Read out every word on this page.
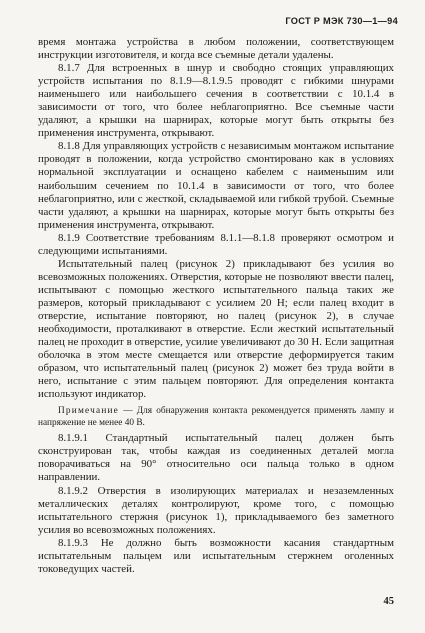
ГОСТ Р МЭК 730—1—94

время монтажа устройства в любом положении, соответствующем инструкции изготовителя, и когда все съемные детали удалены.

8.1.7 Для встроенных в шнур и свободно стоящих управляющих устройств испытания по 8.1.9—8.1.9.5 проводят с гибкими шнурами наименьшего или наибольшего сечения в соответствии с 10.1.4 в зависимости от того, что более неблагоприятно. Все съемные части удаляют, а крышки на шарнирах, которые могут быть открыты без применения инструмента, открывают.

8.1.8 Для управляющих устройств с независимым монтажом испытание проводят в положении, когда устройство смонтировано как в условиях нормальной эксплуатации и оснащено кабелем с наименьшим или наибольшим сечением по 10.1.4 в зависимости от того, что более неблагоприятно, или с жесткой, складываемой или гибкой трубой. Съемные части удаляют, а крышки на шарнирах, которые могут быть открыты без применения инструмента, открывают.

8.1.9 Соответствие требованиям 8.1.1—8.1.8 проверяют осмотром и следующими испытаниями.

Испытательный палец (рисунок 2) прикладывают без усилия во всевозможных положениях. Отверстия, которые не позволяют ввести палец, испытывают с помощью жесткого испытательного пальца таких же размеров, который прикладывают с усилием 20 Н; если палец входит в отверстие, испытание повторяют, но палец (рисунок 2), в случае необходимости, проталкивают в отверстие. Если жесткий испытательный палец не проходит в отверстие, усилие увеличивают до 30 Н. Если защитная оболочка в этом месте смещается или отверстие деформируется таким образом, что испытательный палец (рисунок 2) может без труда войти в него, испытание с этим пальцем повторяют. Для определения контакта используют индикатор.

Примечание — Для обнаружения контакта рекомендуется применять лампу и напряжение не менее 40 В.

8.1.9.1 Стандартный испытательный палец должен быть сконструирован так, чтобы каждая из соединенных деталей могла поворачиваться на 90° относительно оси пальца только в одном направлении.

8.1.9.2 Отверстия в изолирующих материалах и незаземленных металлических деталях контролируют, кроме того, с помощью испытательного стержня (рисунок 1), прикладываемого без заметного усилия во всевозможных положениях.

8.1.9.3 Не должно быть возможности касания стандартным испытательным пальцем или испытательным стержнем оголенных токоведущих частей.

45
